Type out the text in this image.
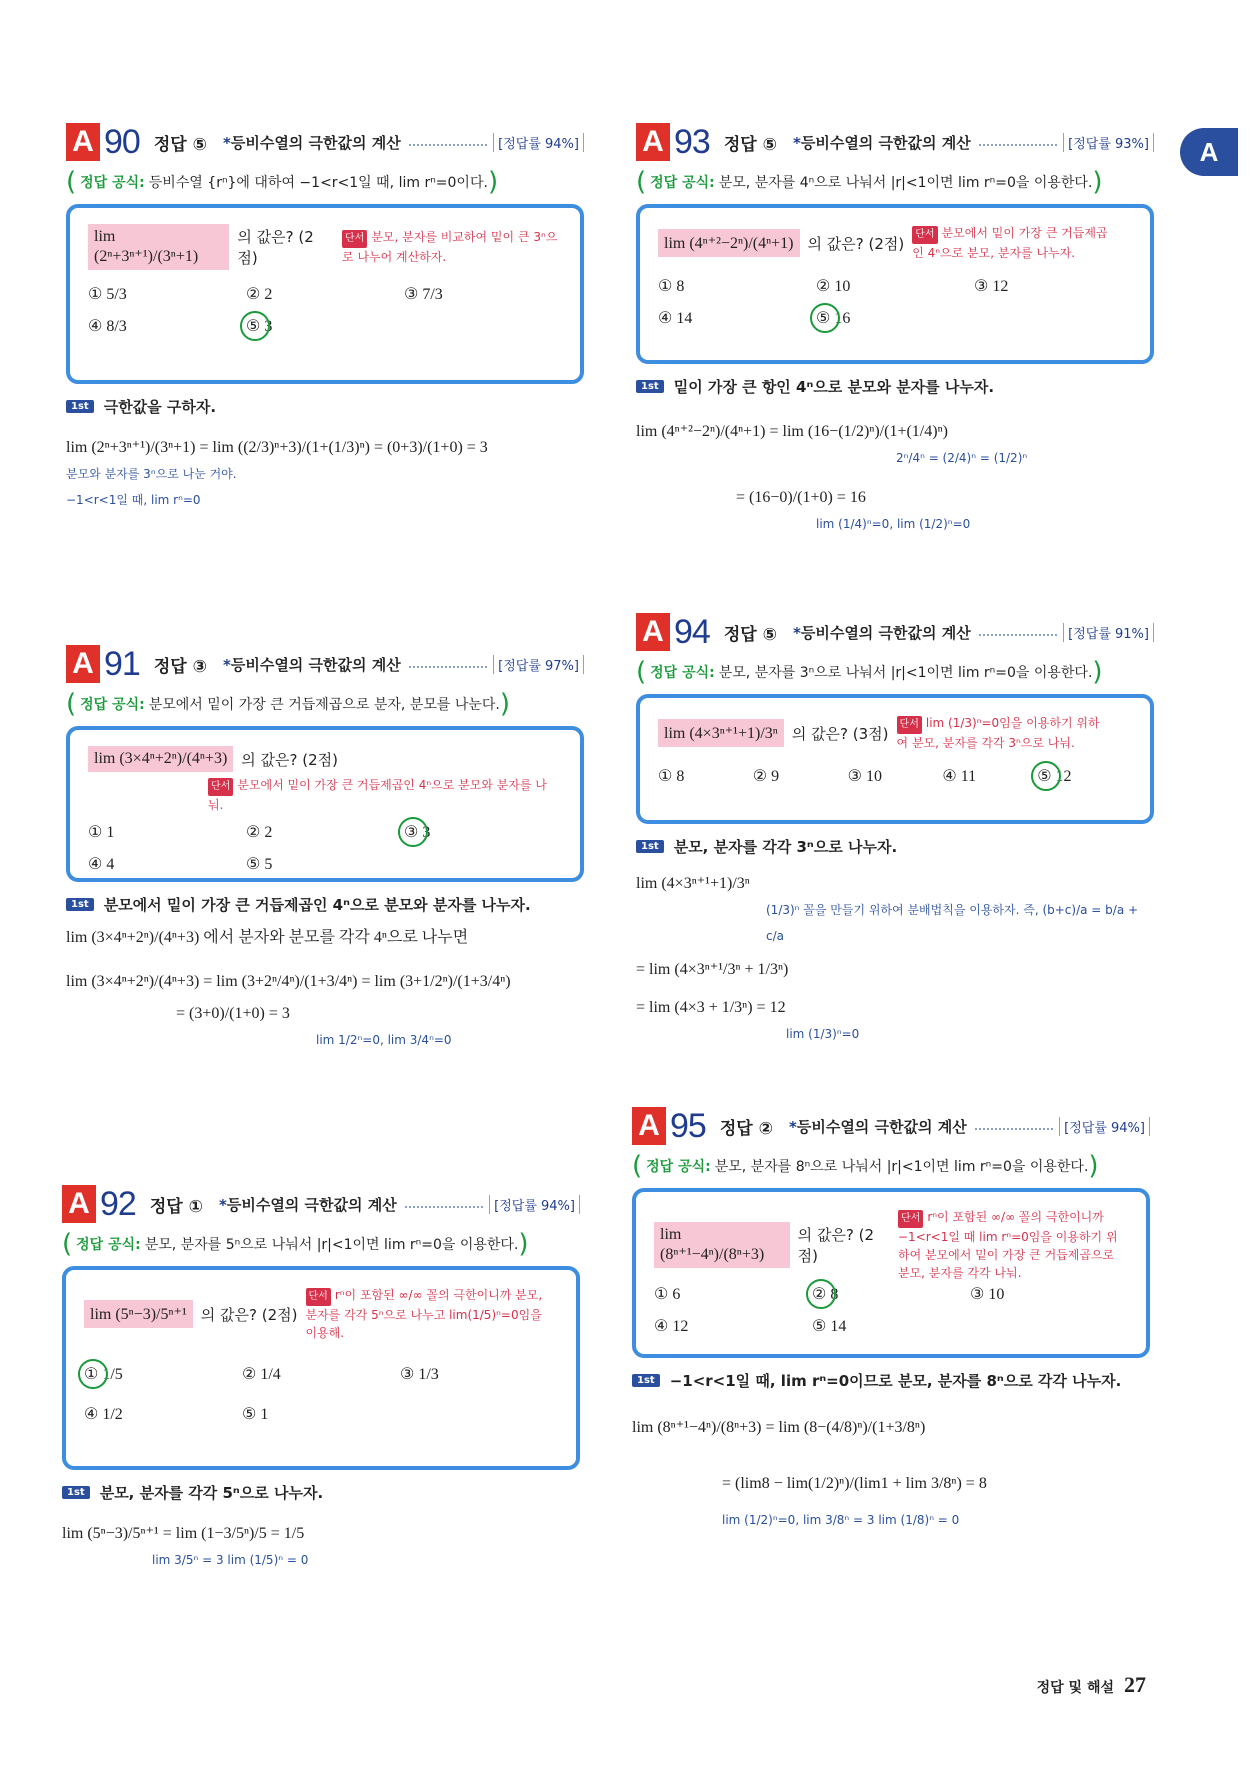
A
A 90 정답 ⑤ *등비수열의 극한값의 계산	[정답률 94%]
( 정답 공식: 등비수열 {rⁿ}에 대하여 −1<r<1일 때, lim rⁿ=0이다. )
lim (2ⁿ+3ⁿ⁺¹)/(3ⁿ+1)
의 값은? (2점)
단서 분모, 분자를 비교하여 밑이 큰 3ⁿ으로 나누어 계산하자.
① 5/3	② 2	③ 7/3
④ 8/3	⑤ 3
1st	극한값을 구하자.
lim (2ⁿ+3ⁿ⁺¹)/(3ⁿ+1) = lim ((2/3)ⁿ+3)/(1+(1/3)ⁿ) = (0+3)/(1+0) = 3
분모와 분자를 3ⁿ으로 나눈 거야.
−1<r<1일 때, lim rⁿ=0
A 91 정답 ③ *등비수열의 극한값의 계산	[정답률 97%]
( 정답 공식: 분모에서 밑이 가장 큰 거듭제곱으로 분자, 분모를 나눈다. )
lim (3×4ⁿ+2ⁿ)/(4ⁿ+3) 의 값은? (2점)
단서 분모에서 밑이 가장 큰 거듭제곱인 4ⁿ으로 분모와 분자를 나눠.
① 1	② 2	③ 3
④ 4	⑤ 5
1st	분모에서 밑이 가장 큰 거듭제곱인 4ⁿ으로 분모와 분자를 나누자.
lim (3×4ⁿ+2ⁿ)/(4ⁿ+3) 에서 분자와 분모를 각각 4ⁿ으로 나누면
lim (3×4ⁿ+2ⁿ)/(4ⁿ+3) = lim (3+2ⁿ/4ⁿ)/(1+3/4ⁿ) = lim (3+1/2ⁿ)/(1+3/4ⁿ)
= (3+0)/(1+0) = 3
lim 1/2ⁿ=0, lim 3/4ⁿ=0
A 92 정답 ① *등비수열의 극한값의 계산	[정답률 94%]
( 정답 공식: 분모, 분자를 5ⁿ으로 나눠서 |r|<1이면 lim rⁿ=0을 이용한다. )
lim (5ⁿ−3)/5ⁿ⁺¹ 의 값은? (2점)
단서 rⁿ이 포함된 ∞/∞ 꼴의 극한이니까 분모, 분자를 각각 5ⁿ으로 나누고 lim(1/5)ⁿ=0임을 이용해.
① 1/5	② 1/4	③ 1/3
④ 1/2	⑤ 1
1st	분모, 분자를 각각 5ⁿ으로 나누자.
lim (5ⁿ−3)/5ⁿ⁺¹ = lim (1−3/5ⁿ)/5 = 1/5
lim 3/5ⁿ = 3 lim (1/5)ⁿ = 0
A 93 정답 ⑤ *등비수열의 극한값의 계산	[정답률 93%]
( 정답 공식: 분모, 분자를 4ⁿ으로 나눠서 |r|<1이면 lim rⁿ=0을 이용한다. )
lim (4ⁿ⁺²−2ⁿ)/(4ⁿ+1) 의 값은? (2점)	단서 분모에서 밑이 가장 큰 거듭제곱인 4ⁿ으로 분모, 분자를 나누자.
① 8	② 10	③ 12
④ 14	⑤ 16
1st	밑이 가장 큰 항인 4ⁿ으로 분모와 분자를 나누자.
lim (4ⁿ⁺²−2ⁿ)/(4ⁿ+1) = lim (16−(1/2)ⁿ)/(1+(1/4)ⁿ)
2ⁿ/4ⁿ = (2/4)ⁿ = (1/2)ⁿ
= (16−0)/(1+0) = 16
lim (1/4)ⁿ=0, lim (1/2)ⁿ=0
A 94 정답 ⑤ *등비수열의 극한값의 계산	[정답률 91%]
( 정답 공식: 분모, 분자를 3ⁿ으로 나눠서 |r|<1이면 lim rⁿ=0을 이용한다. )
lim (4×3ⁿ⁺¹+1)/3ⁿ 의 값은? (3점)	단서 lim (1/3)ⁿ=0임을 이용하기 위하여 분모, 분자를 각각 3ⁿ으로 나눠.
① 8	② 9	③ 10	④ 11	⑤ 12
1st	분모, 분자를 각각 3ⁿ으로 나누자.
lim (4×3ⁿ⁺¹+1)/3ⁿ
(1/3)ⁿ 꼴을 만들기 위하여 분배법칙을 이용하자. 즉, (b+c)/a = b/a + c/a
= lim (4×3ⁿ⁺¹/3ⁿ + 1/3ⁿ)
= lim (4×3 + 1/3ⁿ) = 12
lim (1/3)ⁿ=0
A 95 정답 ② *등비수열의 극한값의 계산	[정답률 94%]
( 정답 공식: 분모, 분자를 8ⁿ으로 나눠서 |r|<1이면 lim rⁿ=0을 이용한다. )
lim (8ⁿ⁺¹−4ⁿ)/(8ⁿ+3)
의 값은? (2점)
단서 rⁿ이 포함된 ∞/∞ 꼴의 극한이니까 −1<r<1일 때 lim rⁿ=0임을 이용하기 위하여 분모에서 밑이 가장 큰 거듭제곱으로 분모, 분자를 각각 나눠.
① 6	② 8	③ 10
④ 12	⑤ 14
1st	−1<r<1일 때, lim rⁿ=0이므로 분모, 분자를 8ⁿ으로 각각 나누자.
lim (8ⁿ⁺¹−4ⁿ)/(8ⁿ+3) = lim (8−(4/8)ⁿ)/(1+3/8ⁿ)
= (lim8 − lim(1/2)ⁿ)/(lim1 + lim 3/8ⁿ) = 8
lim (1/2)ⁿ=0, lim 3/8ⁿ = 3 lim (1/8)ⁿ = 0
정답 및 해설 27
